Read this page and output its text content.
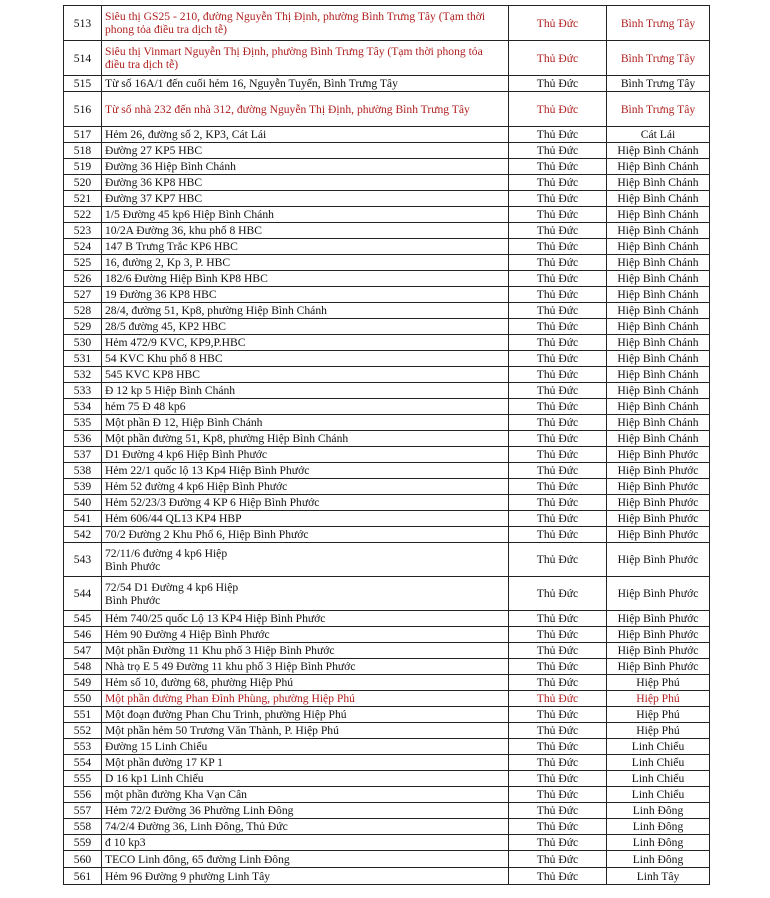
513	Siêu thị GS25 - 210, đường Nguyễn Thị Định, phường Bình Trưng Tây (Tạm thời phong tỏa điều tra dịch tễ)	Thủ Đức	Bình Trưng Tây
514	Siêu thị Vinmart Nguyễn Thị Định, phường Bình Trưng Tây (Tạm thời phong tỏa điều tra dịch tễ)	Thủ Đức	Bình Trưng Tây
515	Từ số 16A/1 đến cuối hẻm 16, Nguyễn Tuyển, Bình Trưng Tây	Thủ Đức	Bình Trưng Tây
516	Từ số nhà 232 đến nhà 312, đường Nguyễn Thị Định, phường Bình Trưng Tây	Thủ Đức	Bình Trưng Tây
517	Hẻm 26, đường số 2, KP3, Cát Lái	Thủ Đức	Cát Lái
518	Đường 27 KP5 HBC	Thủ Đức	Hiệp Bình Chánh
519	Đường 36 Hiệp Bình Chánh	Thủ Đức	Hiệp Bình Chánh
520	Đường 36 KP8 HBC	Thủ Đức	Hiệp Bình Chánh
521	Đường 37 KP7 HBC	Thủ Đức	Hiệp Bình Chánh
522	1/5 Đường 45 kp6 Hiệp Bình Chánh	Thủ Đức	Hiệp Bình Chánh
523	10/2A Đường 36, khu phố 8 HBC	Thủ Đức	Hiệp Bình Chánh
524	147 B Trưng Trắc KP6 HBC	Thủ Đức	Hiệp Bình Chánh
525	16, đường 2, Kp 3, P. HBC	Thủ Đức	Hiệp Bình Chánh
526	182/6 Đường Hiệp Bình KP8 HBC	Thủ Đức	Hiệp Bình Chánh
527	19 Đường 36 KP8 HBC	Thủ Đức	Hiệp Bình Chánh
528	28/4, đường 51, Kp8, phường Hiệp Bình Chánh	Thủ Đức	Hiệp Bình Chánh
529	28/5 đường 45, KP2 HBC	Thủ Đức	Hiệp Bình Chánh
530	Hẻm 472/9 KVC, KP9,P.HBC	Thủ Đức	Hiệp Bình Chánh
531	54 KVC Khu phố 8 HBC	Thủ Đức	Hiệp Bình Chánh
532	545 KVC KP8 HBC	Thủ Đức	Hiệp Bình Chánh
533	Đ 12 kp 5 Hiệp Bình Chánh	Thủ Đức	Hiệp Bình Chánh
534	hẻm 75 Đ 48 kp6	Thủ Đức	Hiệp Bình Chánh
535	Một phần Đ 12, Hiệp Bình Chánh	Thủ Đức	Hiệp Bình Chánh
536	Một phần đường 51, Kp8, phường Hiệp Bình Chánh	Thủ Đức	Hiệp Bình Chánh
537	D1 Đường 4 kp6 Hiệp Bình Phước	Thủ Đức	Hiệp Bình Phước
538	Hẻm 22/1 quốc lộ 13 Kp4 Hiệp Bình Phước	Thủ Đức	Hiệp Bình Phước
539	Hẻm 52 đường 4 kp6 Hiệp Bình Phước	Thủ Đức	Hiệp Bình Phước
540	Hẻm 52/23/3 Đường 4 KP 6 Hiệp Bình Phước	Thủ Đức	Hiệp Bình Phước
541	Hẻm 606/44 QL13 KP4 HBP	Thủ Đức	Hiệp Bình Phước
542	70/2 Đường 2 Khu Phố 6, Hiệp Bình Phước	Thủ Đức	Hiệp Bình Phước
543	72/11/6 đường 4 kp6 Hiệp
Bình Phước	Thủ Đức	Hiệp Bình Phước
544	72/54 D1 Đường 4 kp6 Hiệp
Bình Phước	Thủ Đức	Hiệp Bình Phước
545	Hẻm 740/25 quốc Lộ 13 KP4 Hiệp Bình Phước	Thủ Đức	Hiệp Bình Phước
546	Hẻm 90 Đường 4 Hiệp Bình Phước	Thủ Đức	Hiệp Bình Phước
547	Một phần Đường 11 Khu phố 3 Hiệp Bình Phước	Thủ Đức	Hiệp Bình Phước
548	Nhà trọ E 5 49 Đường 11 khu phố 3 Hiệp Bình Phước	Thủ Đức	Hiệp Bình Phước
549	Hẻm số 10, đường 68, phường Hiệp Phú	Thủ Đức	Hiệp Phú
550	Một phần đường Phan Đình Phùng, phường Hiệp Phú	Thủ Đức	Hiệp Phú
551	Một đoạn đường Phan Chu Trinh, phường Hiệp Phú	Thủ Đức	Hiệp Phú
552	Một phần hẻm 50 Trương Văn Thành, P. Hiệp Phú	Thủ Đức	Hiệp Phú
553	Đường 15 Linh Chiểu	Thủ Đức	Linh Chiểu
554	Một phần đường 17 KP 1	Thủ Đức	Linh Chiểu
555	D 16 kp1 Linh Chiểu	Thủ Đức	Linh Chiểu
556	một phần đường Kha Vạn Cân	Thủ Đức	Linh Chiểu
557	Hẻm 72/2 Đường 36 Phường Linh Đông	Thủ Đức	Linh Đông
558	74/2/4 Đường 36, Linh Đông, Thủ Đức	Thủ Đức	Linh Đông
559	đ 10 kp3	Thủ Đức	Linh Đông
560	TECO Linh đông, 65 đường Linh Đông	Thủ Đức	Linh Đông
561	Hẻm 96 Đường 9 phường Linh Tây	Thủ Đức	Linh Tây
